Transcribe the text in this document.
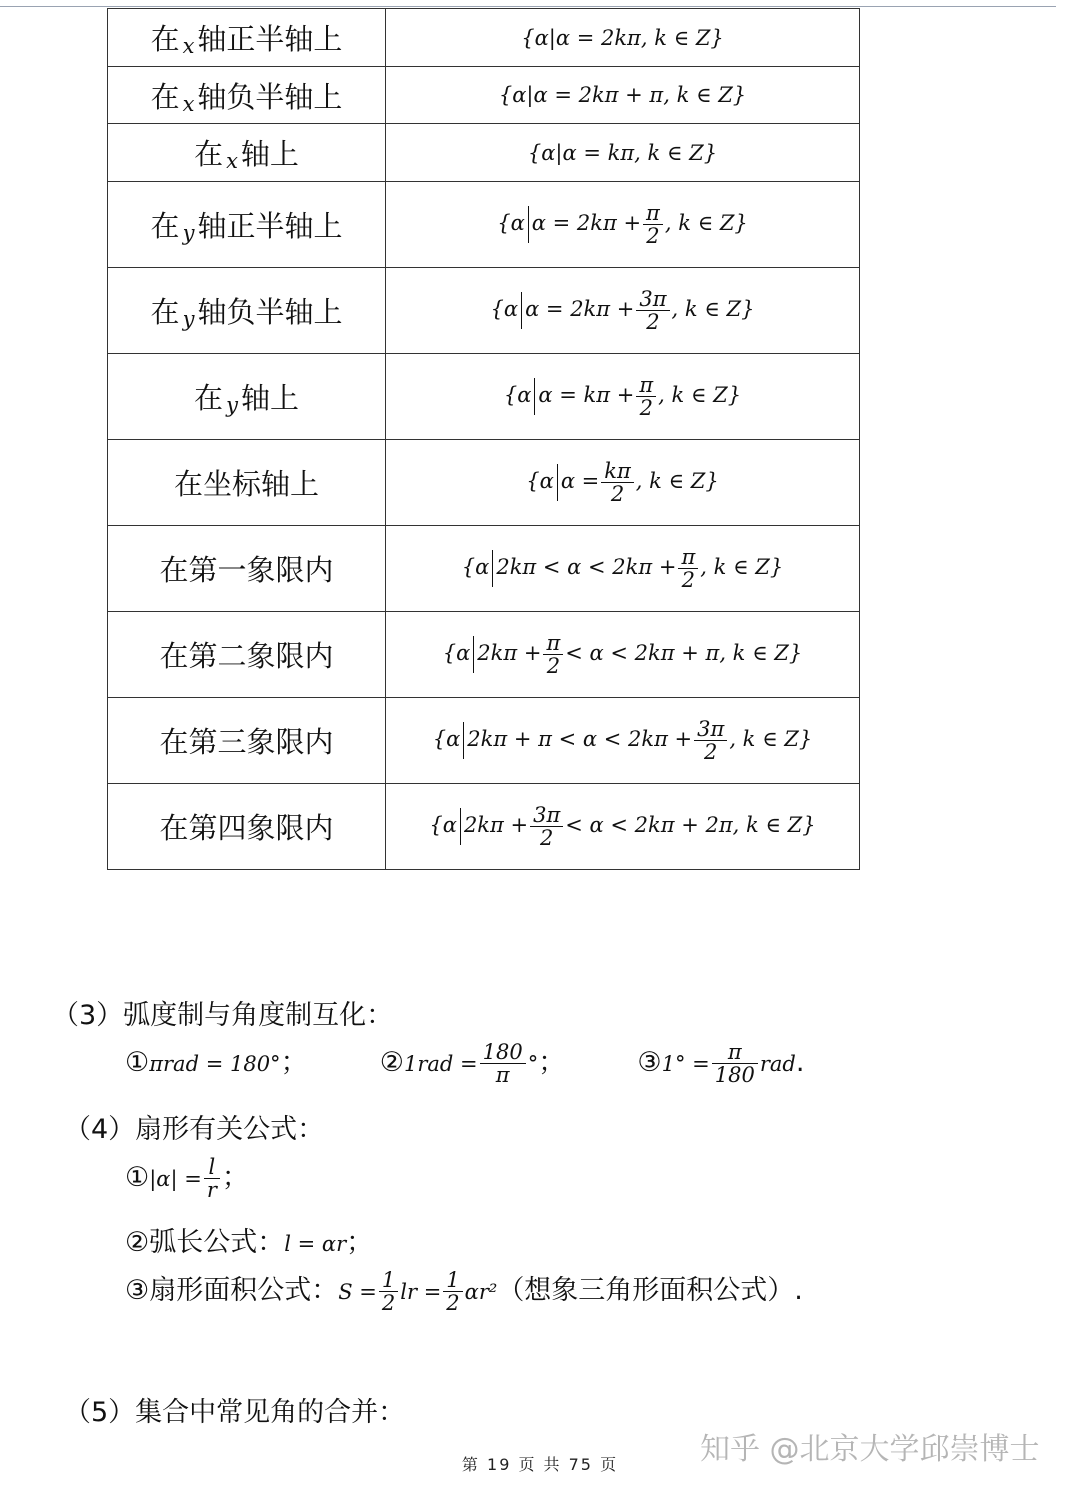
在 x 轴正半轴上	{α|α = 2kπ, k ∈ Z}
在 x 轴负半轴上	{α|α = 2kπ + π, k ∈ Z}
在 x 轴上	{α|α = kπ, k ∈ Z}
在 y 轴正半轴上	{α $\alpha = 2k\pi + \frac{\pi}{2}$ , k ∈ Z}
在 y 轴负半轴上	{α $\alpha = 2k\pi + \frac{3\pi}{2}$ , k ∈ Z}
在 y 轴上	{α $\alpha = k\pi + \frac{\pi}{2}$ , k ∈ Z}
在坐标轴上	{α $\alpha = \frac{k\pi}{2}$ , k ∈ Z}
在第一象限内	{α $2k\pi < \alpha < 2k\pi + \frac{\pi}{2}$ , k ∈ Z}
在第二象限内	{α $2k\pi + \frac{\pi}{2} < \alpha < 2k\pi + \pi$, k ∈ Z}
在第三象限内	{α $2k\pi + \pi < \alpha < 2k\pi + \frac{3\pi}{2}$ , k ∈ Z}
在第四象限内	{α $2k\pi + \frac{3\pi}{2} < \alpha < 2k\pi + 2\pi$, k ∈ Z}
（3）弧度制与角度制互化：
①πrad = 180°；	②1rad = $\frac{180}{\pi}$ °；	③1° = $\frac{\pi}{180}$ rad.
（4）扇形有关公式：
①|α| = $\frac{l}{r}$ ；
②弧长公式：l = αr；
③扇形面积公式：$S = \frac{1}{2}$ lr = $\frac{1}{2} \alpha r^2$（想象三角形面积公式）.
（5）集合中常见角的合并：
知乎 @北京大学邱崇博士
第 19 页 共 75 页
